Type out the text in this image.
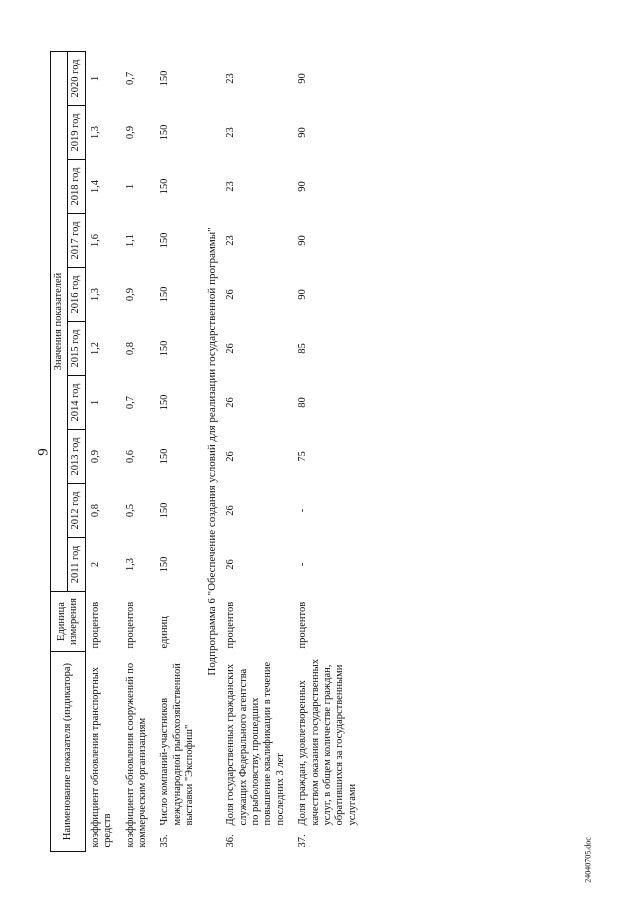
9
Наименование показателя (индикатора)	Единица измерения	Значения показателей									
		2011 год	2012 год	2013 год	2014 год	2015 год	2016 год	2017 год	2018 год	2019 год	2020 год
коэффициент обновления транспортных средств	процентов	2	0,8	0,9	1	1,2	1,3	1,6	1,4	1,3	1
коэффициент обновления сооружений по коммерческим организациям	процентов	1,3	0,5	0,6	0,7	0,8	0,9	1,1	1	0,9	0,7
35.Число компаний-участников международной рыбохозяйственной выставки "Экспофиш"	единиц	150	150	150	150	150	150	150	150	150	150
Подпрограмма 6 "Обеспечение создания условий для реализации государственной программы"											
36.Доля государственных гражданских служащих Федерального агентства по рыболовству, прошедших повышение квалификации в течение последних 3 лет	процентов	26	26	26	26	26	26	23	23	23	23
37.Доля граждан, удовлетворенных качеством оказания государственных услуг, в общем количестве граждан, обратившихся за государственными услугами	процентов	-	-	75	80	85	90	90	90	90	90
24040705.doc
